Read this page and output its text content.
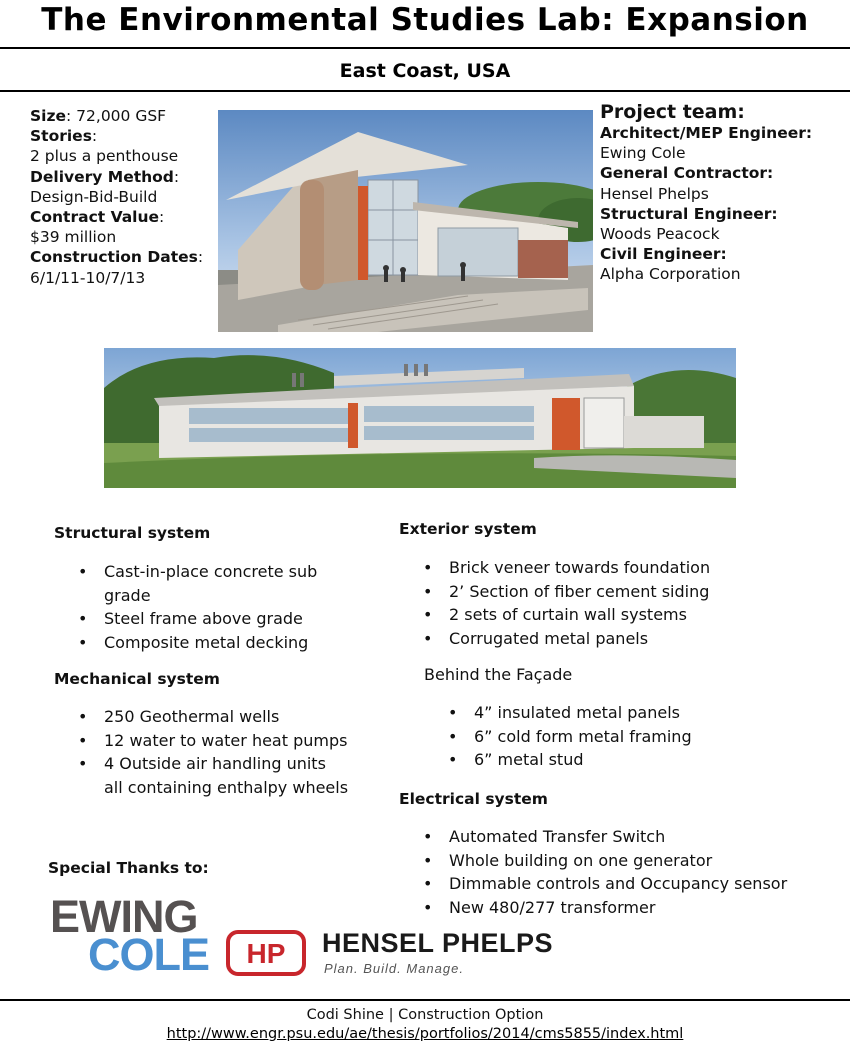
The Environmental Studies Lab: Expansion
East Coast, USA
Size: 72,000 GSF
Stories:
2 plus a penthouse
Delivery Method:
Design-Bid-Build
Contract Value:
$39 million
Construction Dates:
6/1/11-10/7/13
Project team:
Architect/MEP Engineer:
Ewing Cole
General Contractor:
Hensel Phelps
Structural Engineer:
Woods Peacock
Civil Engineer:
Alpha Corporation
Structural system
• Cast-in-place concrete sub grade
• Steel frame above grade
• Composite metal decking
Mechanical system
• 250 Geothermal wells
• 12 water to water heat pumps
• 4 Outside air handling units all containing enthalpy wheels
Exterior system
• Brick veneer towards foundation
• 2’ Section of fiber cement siding
• 2 sets of curtain wall systems
• Corrugated metal panels
Behind the Façade
• 4” insulated metal panels
• 6” cold form metal framing
• 6” metal stud
Electrical system
• Automated Transfer Switch
• Whole building on one generator
• Dimmable controls and Occupancy sensor
• New 480/277 transformer
Special Thanks to:
EWING
COLE HP HENSEL PHELPS
Plan. Build. Manage.
Codi Shine | Construction Option
http://www.engr.psu.edu/ae/thesis/portfolios/2014/cms5855/index.html
